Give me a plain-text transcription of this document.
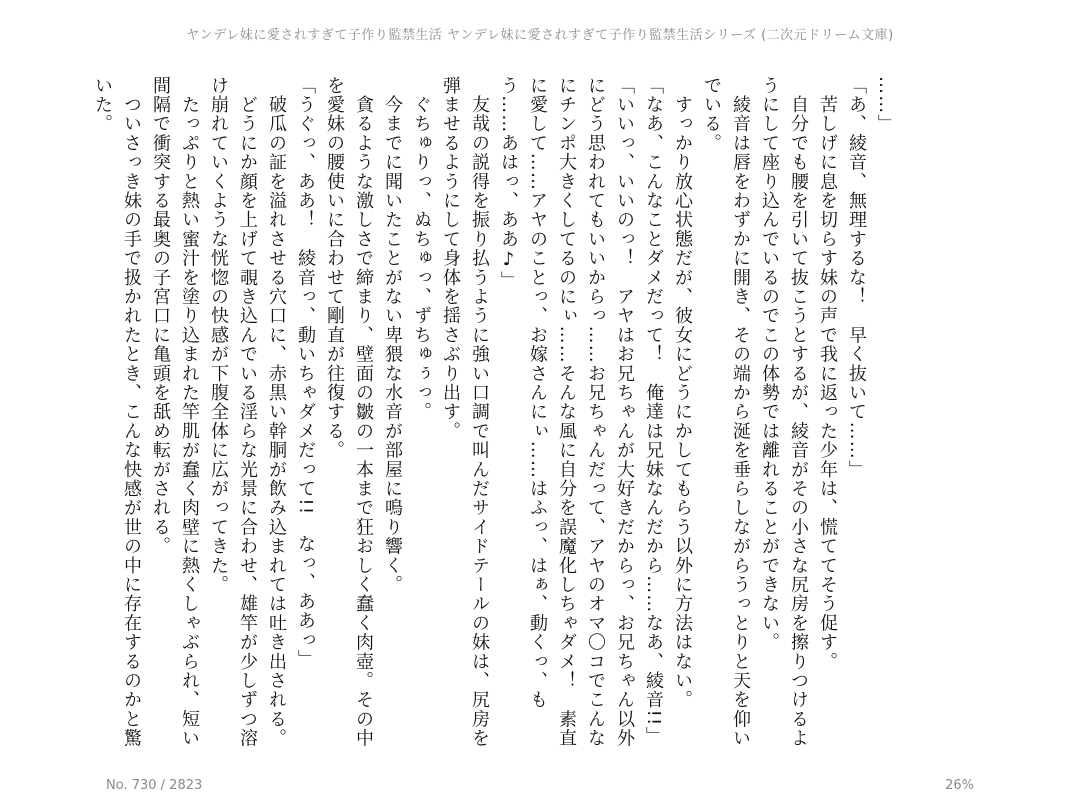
ヤンデレ妹に愛されすぎて子作り監禁生活 ヤンデレ妹に愛されすぎて子作り監禁生活シリーズ (二次元ドリーム文庫)

……」

「あ、綾音、無理するな！　早く抜いて……」

　苦しげに息を切らす妹の声で我に返った少年は、慌ててそう促す。

　自分でも腰を引いて抜こうとするが、綾音がその小さな尻房を擦りつけるようにして座り込んでいるのでこの体勢では離れることができない。

　綾音は唇をわずかに開き、その端から涎を垂らしながらうっとりと天を仰いでいる。

　すっかり放心状態だが、彼女にどうにかしてもらう以外に方法はない。

「なあ、こんなことダメだって！　俺達は兄妹なんだから……なあ、綾音!!」

「いいっ、いいのっ！　アヤはお兄ちゃんが大好きだからっ、お兄ちゃん以外にどう思われてもいいからっ……お兄ちゃんだって、アヤのオマ〇コでこんなにチンポ大きくしてるのにぃ……そんな風に自分を誤魔化しちゃダメ！　素直に愛して……アヤのことっ、お嫁さんにぃ……はふっ、はぁ、動くっ、もう……あはっ、ああ♪」

　友哉の説得を振り払うように強い口調で叫んだサイドテールの妹は、尻房を弾ませるようにして身体を揺さぶり出す。

　ぐちゅりっ、ぬちゅっ、ずちゅぅっ。

　今までに聞いたことがない卑猥な水音が部屋に鳴り響く。

　貪るような激しさで締まり、壁面の皺の一本まで狂おしく蠢く肉壺。その中を愛妹の腰使いに合わせて剛直が往復する。

「うぐっ、ああ！　綾音っ、動いちゃダメだって!!　なっ、ああっ」

　破瓜の証を溢れさせる穴口に、赤黒い幹胴が飲み込まれては吐き出される。

　どうにか顔を上げて覗き込んでいる淫らな光景に合わせ、雄竿が少しずつ溶け崩れていくような恍惚の快感が下腹全体に広がってきた。

　たっぷりと熱い蜜汁を塗り込まれた竿肌が蠢く肉壁に熱くしゃぶられ、短い間隔で衝突する最奥の子宮口に亀頭を舐め転がされる。

　ついさっき妹の手で扱かれたとき、こんな快感が世の中に存在するのかと驚いた。

No. 730 / 2823	26%
